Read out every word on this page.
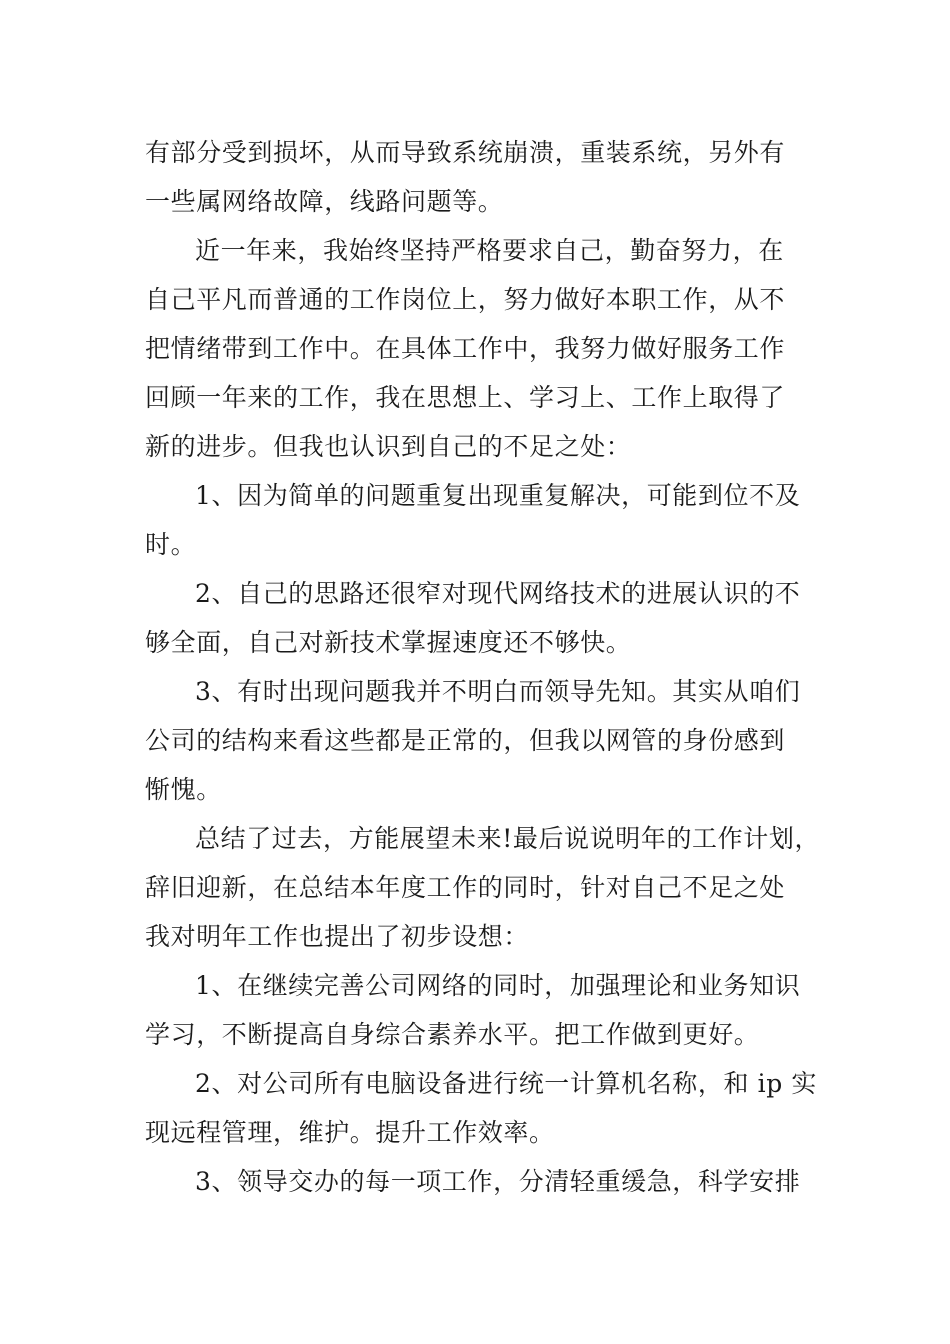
有部分受到损坏，从而导致系统崩溃，重装系统，另外有
一些属网络故障，线路问题等。
近一年来，我始终坚持严格要求自己，勤奋努力，在
自己平凡而普通的工作岗位上，努力做好本职工作，从不
把情绪带到工作中。在具体工作中，我努力做好服务工作
回顾一年来的工作，我在思想上、学习上、工作上取得了
新的进步。但我也认识到自己的不足之处：
1、因为简单的问题重复出现重复解决，可能到位不及
时。
2、自己的思路还很窄对现代网络技术的进展认识的不
够全面，自己对新技术掌握速度还不够快。
3、有时出现问题我并不明白而领导先知。其实从咱们
公司的结构来看这些都是正常的，但我以网管的身份感到
惭愧。
总结了过去，方能展望未来!最后说说明年的工作计划，
辞旧迎新，在总结本年度工作的同时，针对自己不足之处
我对明年工作也提出了初步设想：
1、在继续完善公司网络的同时，加强理论和业务知识
学习，不断提高自身综合素养水平。把工作做到更好。
2、对公司所有电脑设备进行统一计算机名称，和 ip 实
现远程管理，维护。提升工作效率。
3、领导交办的每一项工作，分清轻重缓急，科学安排
